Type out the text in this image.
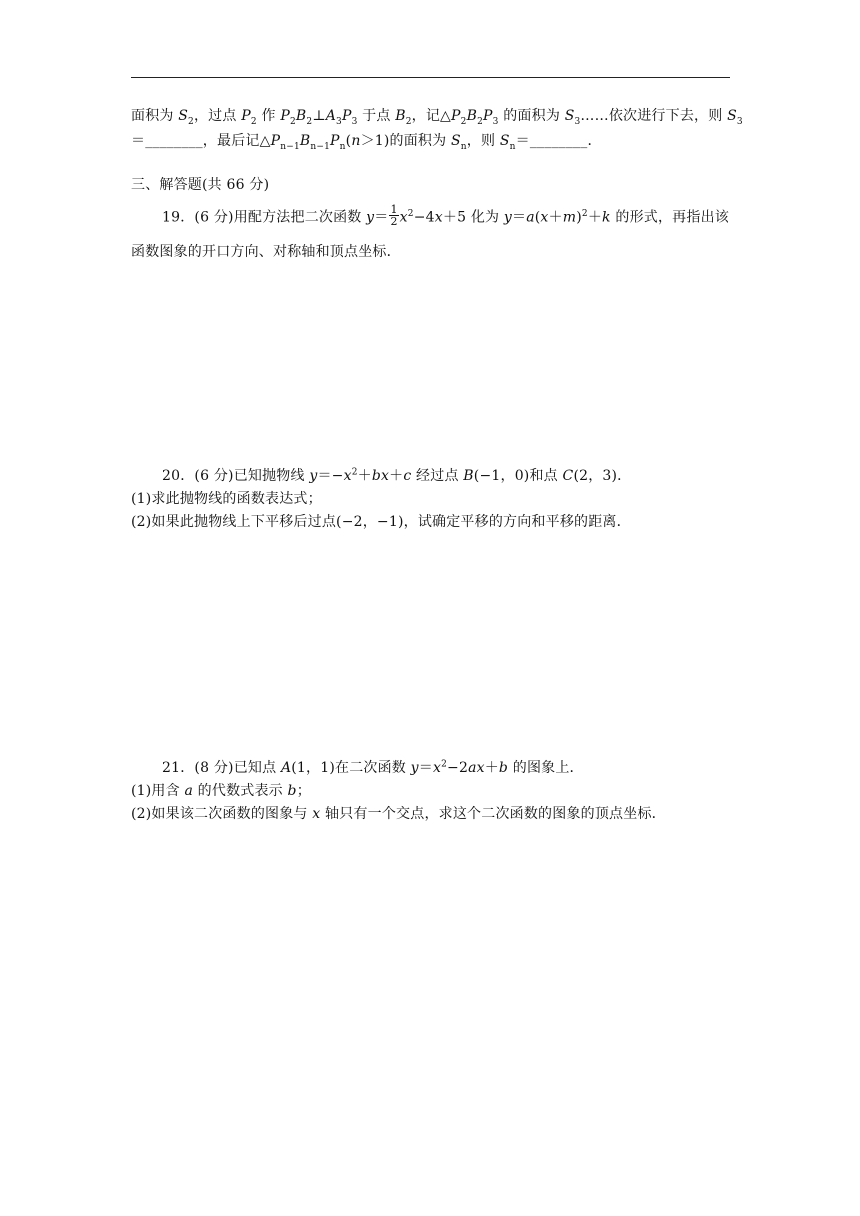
面积为 $S_2$，过点 $P_2$ 作 $P_2B_2\perp A_3P_3$ 于点 $B_2$，记$\triangle P_2B_2P_3$ 的面积为 $S_3\dots\dots$依次进行下去，则 $S_3$
＝________，最后记$\triangle P_{n-1}B_{n-1}P_n(n>1)$的面积为 $S_n$，则 $S_n=\_\_\_\_\_\_\_\_$．
三、解答题(共 66 分)
19．(6 分)用配方法把二次函数 $y= \frac{1}{2} x^2-4x+5$ 化为 $y=a(x+m)^2+k$ 的形式，再指出该
函数图象的开口方向、对称轴和顶点坐标．
20．(6 分)已知抛物线 $y=-x^2+bx+c$ 经过点 B(−1，0)和点 C(2，3)．
(1)求此抛物线的函数表达式；
(2)如果此抛物线上下平移后过点(−2，−1)，试确定平移的方向和平移的距离．
21．(8 分)已知点 A(1，1)在二次函数 $y=x^2-2ax+b$ 的图象上．
(1)用含 a 的代数式表示 b；
(2)如果该二次函数的图象与 x 轴只有一个交点，求这个二次函数的图象的顶点坐标．
